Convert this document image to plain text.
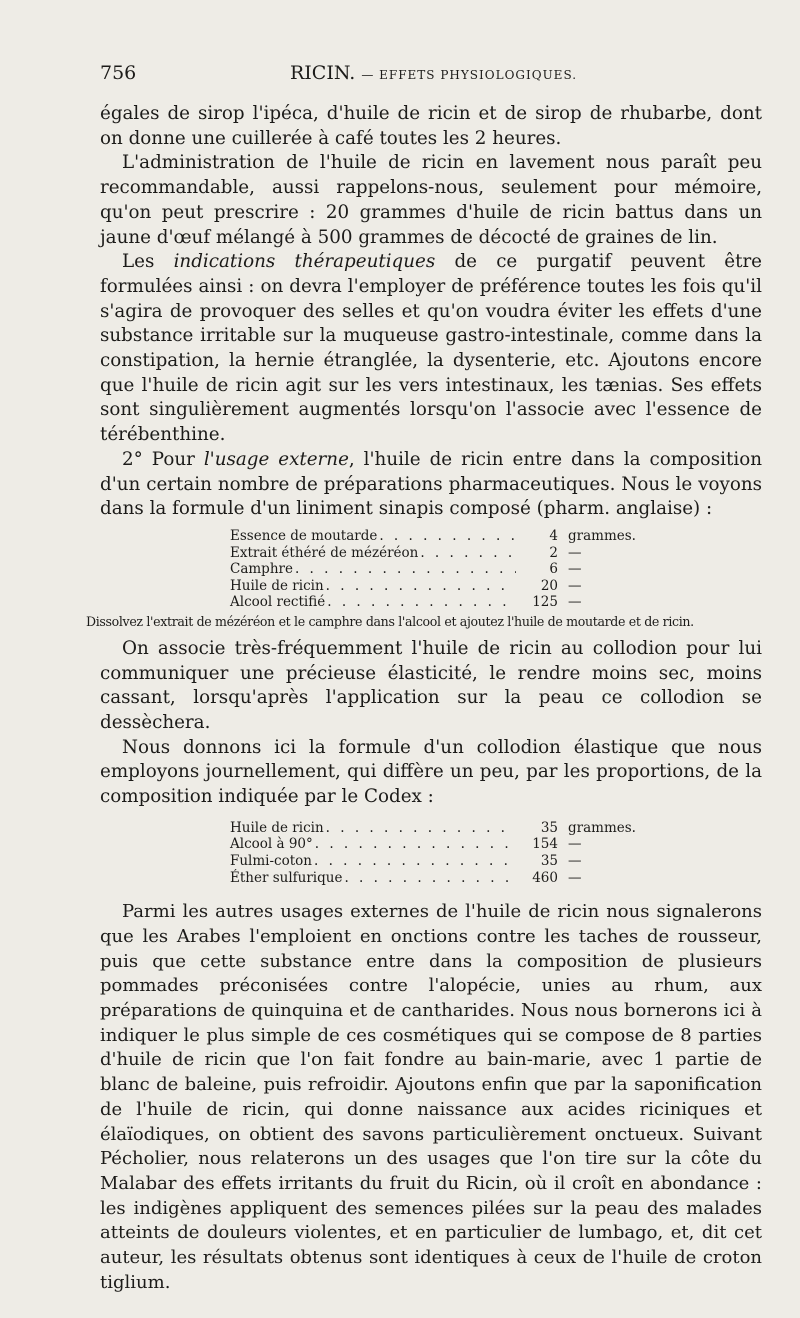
756	RICIN. — EFFETS PHYSIOLOGIQUES.

égales de sirop l'ipéca, d'huile de ricin et de sirop de rhubarbe, dont on donne une cuillerée à café toutes les 2 heures.

L'administration de l'huile de ricin en lavement nous paraît peu recommandable, aussi rappelons-nous, seulement pour mémoire, qu'on peut prescrire : 20 grammes d'huile de ricin battus dans un jaune d'œuf mélangé à 500 grammes de décocté de graines de lin.

Les indications thérapeutiques de ce purgatif peuvent être formulées ainsi : on devra l'employer de préférence toutes les fois qu'il s'agira de provoquer des selles et qu'on voudra éviter les effets d'une substance irritable sur la muqueuse gastro-intestinale, comme dans la constipation, la hernie étranglée, la dysenterie, etc. Ajoutons encore que l'huile de ricin agit sur les vers intestinaux, les tænias. Ses effets sont singulièrement augmentés lorsqu'on l'associe avec l'essence de térébenthine.

2° Pour l'usage externe, l'huile de ricin entre dans la composition d'un certain nombre de préparations pharmaceutiques. Nous le voyons dans la formule d'un liniment sinapis composé (pharm. anglaise) :

Essence de moutarde . . .	4 grammes.
Extrait éthéré de mézéréon . . .	2 —
Camphre . . .	6 —
Huile de ricin . . .	20 —
Alcool rectifié . . .	125 —
Dissolvez l'extrait de mézéréon et le camphre dans l'alcool et ajoutez l'huile de moutarde et de ricin.

On associe très-fréquemment l'huile de ricin au collodion pour lui communiquer une précieuse élasticité, le rendre moins sec, moins cassant, lorsqu'après l'application sur la peau ce collodion se dessèchera.

Nous donnons ici la formule d'un collodion élastique que nous employons journellement, qui diffère un peu, par les proportions, de la composition indiquée par le Codex :

Huile de ricin . . .	35 grammes.
Alcool à 90° . . .	154 —
Fulmi-coton . . .	35 —
Éther sulfurique . . .	460 —

Parmi les autres usages externes de l'huile de ricin nous signalerons que les Arabes l'emploient en onctions contre les taches de rousseur, puis que cette substance entre dans la composition de plusieurs pommades préconisées contre l'alopécie, unies au rhum, aux préparations de quinquina et de cantharides. Nous nous bornerons ici à indiquer le plus simple de ces cosmétiques qui se compose de 8 parties d'huile de ricin que l'on fait fondre au bain-marie, avec 1 partie de blanc de baleine, puis refroidir. Ajoutons enfin que par la saponification de l'huile de ricin, qui donne naissance aux acides riciniques et élaïodiques, on obtient des savons particulièrement onctueux. Suivant Pécholier, nous relaterons un des usages que l'on tire sur la côte du Malabar des effets irritants du fruit du Ricin, où il croît en abondance : les indigènes appliquent des semences pilées sur la peau des malades atteints de douleurs violentes, et en particulier de lumbago, et, dit cet auteur, les résultats obtenus sont identiques à ceux de l'huile de croton tiglium.
